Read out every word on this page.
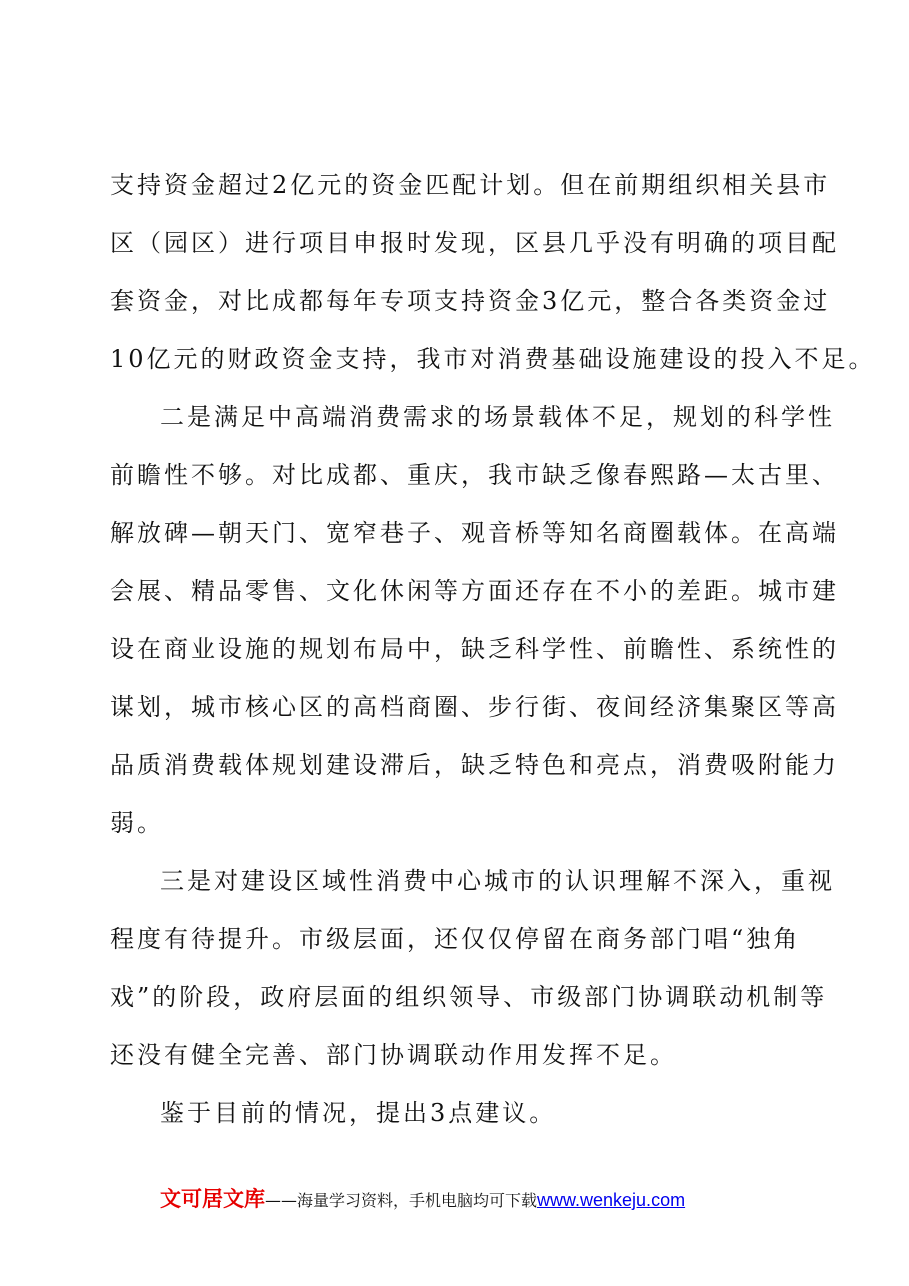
支持资金超过2亿元的资金匹配计划。但在前期组织相关县市
区（园区）进行项目申报时发现，区县几乎没有明确的项目配
套资金，对比成都每年专项支持资金3亿元，整合各类资金过
10亿元的财政资金支持，我市对消费基础设施建设的投入不足。
二是满足中高端消费需求的场景载体不足，规划的科学性
前瞻性不够。对比成都、重庆，我市缺乏像春熙路—太古里、
解放碑—朝天门、宽窄巷子、观音桥等知名商圈载体。在高端
会展、精品零售、文化休闲等方面还存在不小的差距。城市建
设在商业设施的规划布局中，缺乏科学性、前瞻性、系统性的
谋划，城市核心区的高档商圈、步行街、夜间经济集聚区等高
品质消费载体规划建设滞后，缺乏特色和亮点，消费吸附能力
弱。
三是对建设区域性消费中心城市的认识理解不深入，重视
程度有待提升。市级层面，还仅仅停留在商务部门唱“独角
戏”的阶段，政府层面的组织领导、市级部门协调联动机制等
还没有健全完善、部门协调联动作用发挥不足。
鉴于目前的情况，提出3点建议。
文可居文库——海量学习资料，手机电脑均可下载www.wenkeju.com
